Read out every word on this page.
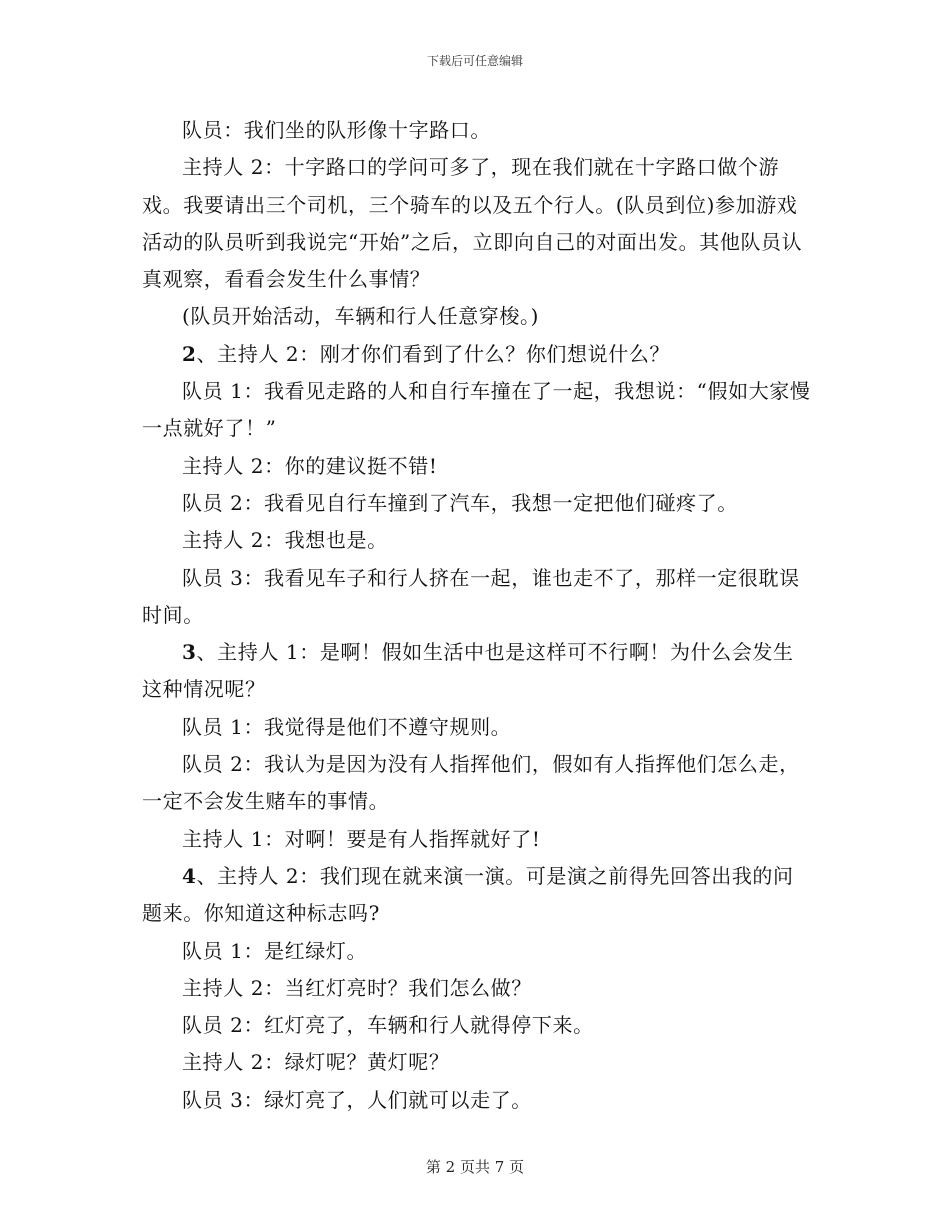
下载后可任意编辑

队员：我们坐的队形像十字路口。

主持人 2：十字路口的学问可多了，现在我们就在十字路口做个游戏。我要请出三个司机，三个骑车的以及五个行人。(队员到位)参加游戏活动的队员听到我说完“开始”之后，立即向自己的对面出发。其他队员认真观察，看看会发生什么事情？

(队员开始活动，车辆和行人任意穿梭。)

2、主持人 2：刚才你们看到了什么？你们想说什么？

队员 1：我看见走路的人和自行车撞在了一起，我想说：“假如大家慢一点就好了！”

主持人 2：你的建议挺不错!

队员 2：我看见自行车撞到了汽车，我想一定把他们碰疼了。

主持人 2：我想也是。

队员 3：我看见车子和行人挤在一起，谁也走不了，那样一定很耽误时间。

3、主持人 1：是啊！假如生活中也是这样可不行啊！为什么会发生这种情况呢？

队员 1：我觉得是他们不遵守规则。

队员 2：我认为是因为没有人指挥他们，假如有人指挥他们怎么走，一定不会发生赌车的事情。

主持人 1：对啊！要是有人指挥就好了!

4、主持人 2：我们现在就来演一演。可是演之前得先回答出我的问题来。你知道这种标志吗?

队员 1：是红绿灯。

主持人 2：当红灯亮时？我们怎么做？

队员 2：红灯亮了，车辆和行人就得停下来。

主持人 2：绿灯呢？黄灯呢？

队员 3：绿灯亮了，人们就可以走了。

第 2 页共 7 页
